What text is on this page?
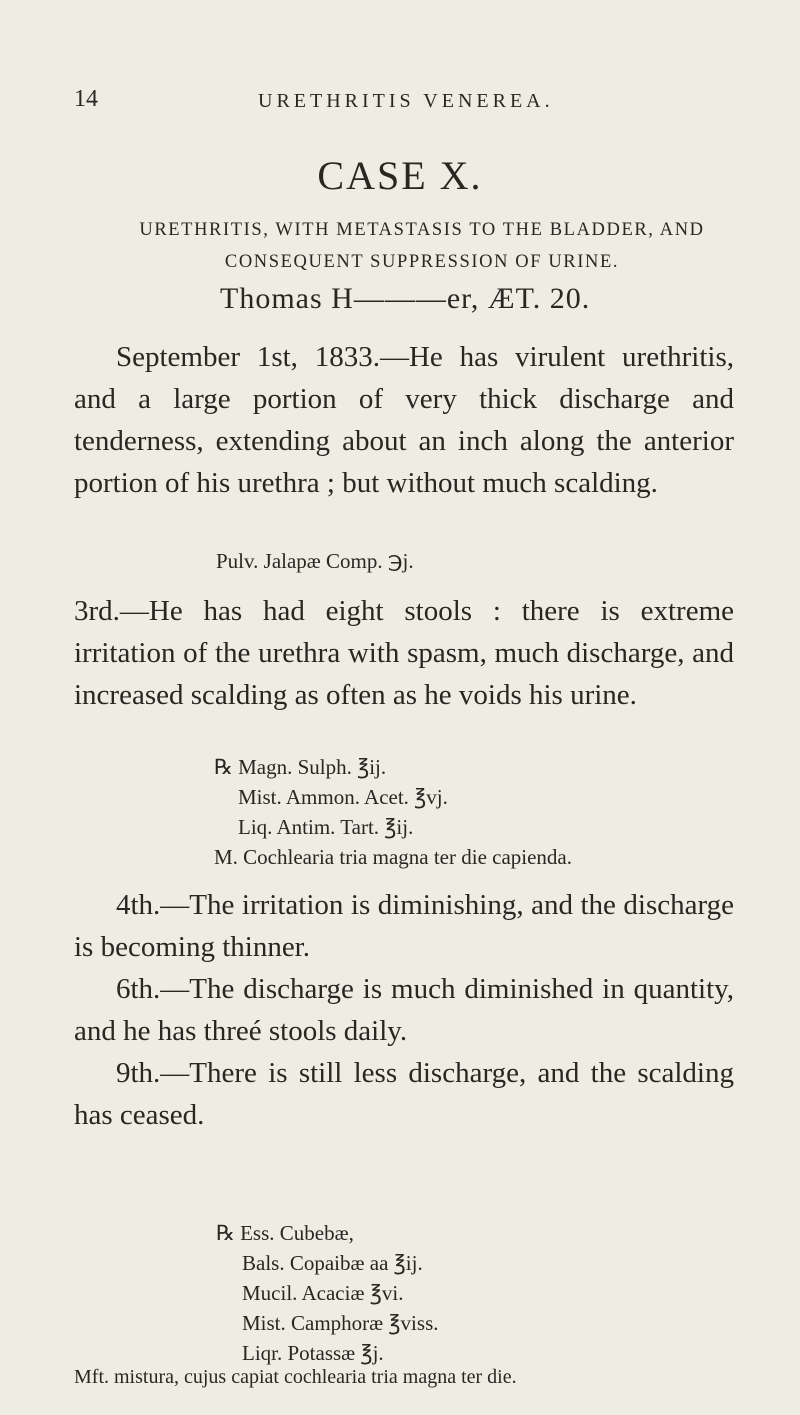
14	URETHRITIS VENEREA.
CASE X.
URETHRITIS, WITH METASTASIS TO THE BLADDER, AND
CONSEQUENT SUPPRESSION OF URINE.
Thomas H———er, ÆT. 20.

September 1st, 1833.—He has virulent urethritis, and a large portion of very thick discharge and tenderness, extending about an inch along the anterior portion of his urethra ; but without much scalding.

Pulv. Jalapæ Comp. ℈j.

3rd.—He has had eight stools : there is extreme irritation of the urethra with spasm, much discharge, and increased scalding as often as he voids his urine.

℞ Magn. Sulph. ℥ij.
Mist. Ammon. Acet. ℥vj.
Liq. Antim. Tart. ℥ij.
M. Cochlearia tria magna ter die capienda.

4th.—The irritation is diminishing, and the discharge is becoming thinner.

6th.—The discharge is much diminished in quantity, and he has threé stools daily.

9th.—There is still less discharge, and the scalding has ceased.

℞ Ess. Cubebæ,
Bals. Copaibæ aa ℥ij.
Mucil. Acaciæ ℥vi.
Mist. Camphoræ ℥viss.
Liqr. Potassæ ℥j.
Mft. mistura, cujus capiat cochlearia tria magna ter die.
